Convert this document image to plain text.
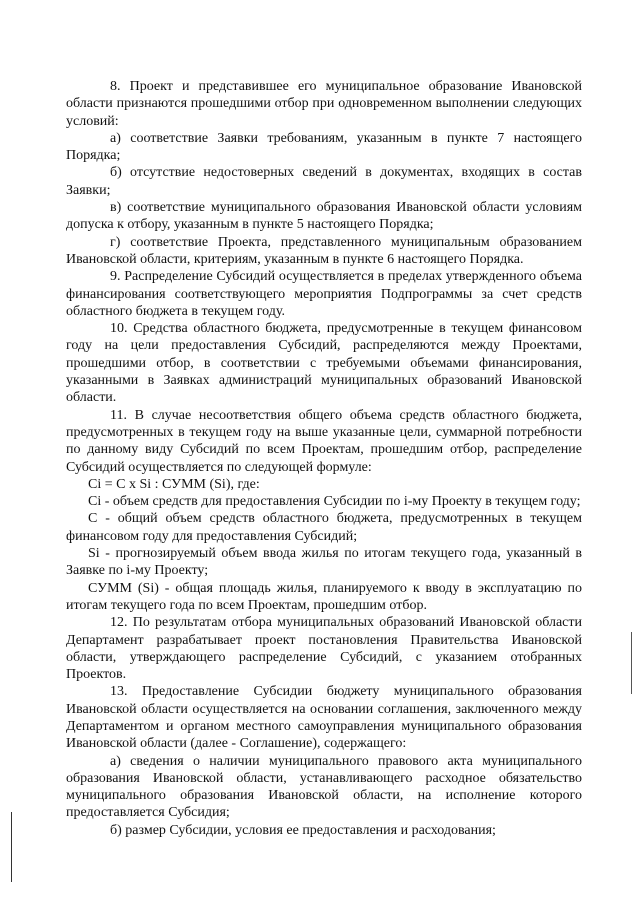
8. Проект и представившее его муниципальное образование Ивановской области признаются прошедшими отбор при одновременном выполнении следующих условий:

а) соответствие Заявки требованиям, указанным в пункте 7 настоящего Порядка;

б) отсутствие недостоверных сведений в документах, входящих в состав Заявки;

в) соответствие муниципального образования Ивановской области условиям допуска к отбору, указанным в пункте 5 настоящего Порядка;

г) соответствие Проекта, представленного муниципальным образованием Ивановской области, критериям, указанным в пункте 6 настоящего Порядка.

9. Распределение Субсидий осуществляется в пределах утвержденного объема финансирования соответствующего мероприятия Подпрограммы за счет средств областного бюджета в текущем году.

10. Средства областного бюджета, предусмотренные в текущем финансовом году на цели предоставления Субсидий, распределяются между Проектами, прошедшими отбор, в соответствии с требуемыми объемами финансирования, указанными в Заявках администраций муниципальных образований Ивановской области.

11. В случае несоответствия общего объема средств областного бюджета, предусмотренных в текущем году на выше указанные цели, суммарной потребности по данному виду Субсидий по всем Проектам, прошедшим отбор, распределение Субсидий осуществляется по следующей формуле:

Ci = C x Si : СУММ (Si), где:

Ci - объем средств для предоставления Субсидии по i-му Проекту в текущем году;

C - общий объем средств областного бюджета, предусмотренных в текущем финансовом году для предоставления Субсидий;

Si - прогнозируемый объем ввода жилья по итогам текущего года, указанный в Заявке по i-му Проекту;

СУММ (Si) - общая площадь жилья, планируемого к вводу в эксплуатацию по итогам текущего года по всем Проектам, прошедшим отбор.

12. По результатам отбора муниципальных образований Ивановской области Департамент разрабатывает проект постановления Правительства Ивановской области, утверждающего распределение Субсидий, с указанием отобранных Проектов.

13. Предоставление Субсидии бюджету муниципального образования Ивановской области осуществляется на основании соглашения, заключенного между Департаментом и органом местного самоуправления муниципального образования Ивановской области (далее - Соглашение), содержащего:

а) сведения о наличии муниципального правового акта муниципального образования Ивановской области, устанавливающего расходное обязательство муниципального образования Ивановской области, на исполнение которого предоставляется Субсидия;

б) размер Субсидии, условия ее предоставления и расходования;
